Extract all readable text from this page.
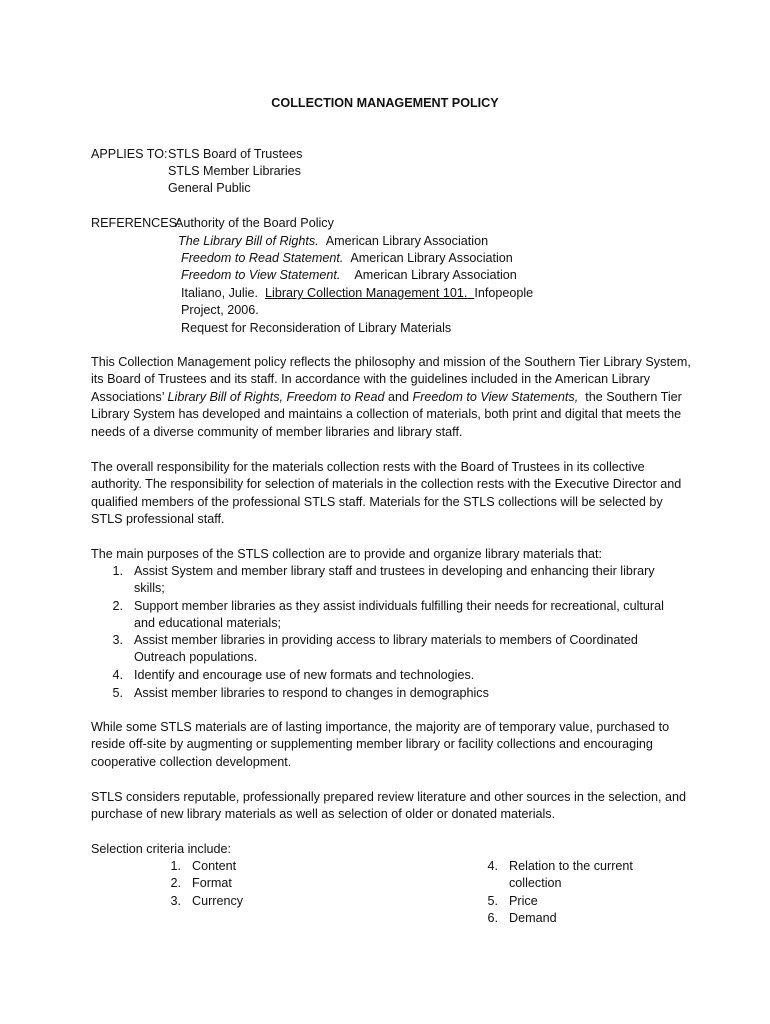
COLLECTION MANAGEMENT POLICY
APPLIES TO: STLS Board of Trustees
STLS Member Libraries
General Public
REFERENCES:
Authority of the Board Policy
The Library Bill of Rights. American Library Association
Freedom to Read Statement. American Library Association
Freedom to View Statement. American Library Association
Italiano, Julie. Library Collection Management 101. Infopeople
Project, 2006.
Request for Reconsideration of Library Materials
This Collection Management policy reflects the philosophy and mission of the Southern Tier Library System, its Board of Trustees and its staff. In accordance with the guidelines included in the American Library Associations’ Library Bill of Rights, Freedom to Read and Freedom to View Statements, the Southern Tier Library System has developed and maintains a collection of materials, both print and digital that meets the needs of a diverse community of member libraries and library staff.
The overall responsibility for the materials collection rests with the Board of Trustees in its collective authority. The responsibility for selection of materials in the collection rests with the Executive Director and qualified members of the professional STLS staff. Materials for the STLS collections will be selected by STLS professional staff.
The main purposes of the STLS collection are to provide and organize library materials that:
1. Assist System and member library staff and trustees in developing and enhancing their library skills;
2. Support member libraries as they assist individuals fulfilling their needs for recreational, cultural and educational materials;
3. Assist member libraries in providing access to library materials to members of Coordinated Outreach populations.
4. Identify and encourage use of new formats and technologies.
5. Assist member libraries to respond to changes in demographics
While some STLS materials are of lasting importance, the majority are of temporary value, purchased to reside off-site by augmenting or supplementing member library or facility collections and encouraging cooperative collection development.
STLS considers reputable, professionally prepared review literature and other sources in the selection, and purchase of new library materials as well as selection of older or donated materials.
Selection criteria include:
1. Content
2. Format
3. Currency
4. Relation to the current collection
5. Price
6. Demand
